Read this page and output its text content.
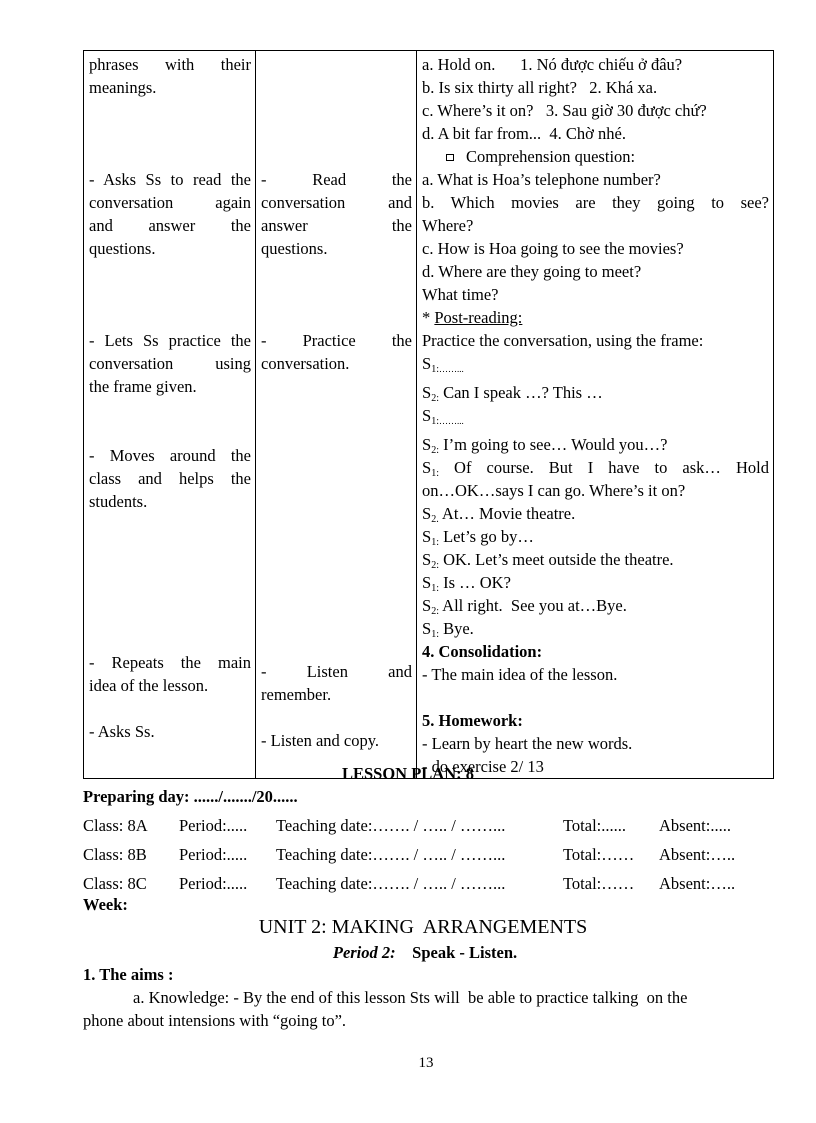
phrases with their
meanings.
- Asks Ss to read the
conversation again
and answer the
questions.
- Lets Ss practice the
conversation using
the frame given.
- Moves around the
class and helps the
students.
- Repeats the main
idea of the lesson.
- Asks Ss.

- Read the
conversation and
answer the
questions.
- Practice the
conversation.
- Listen and
remember.
- Listen and copy.

a. Hold on.      1. Nó được chiếu ở đâu?
b. Is six thirty all right?   2. Khá xa.
c. Where’s it on?   3. Sau giờ 30 được chứ?
d. A bit far from...  4. Chờ nhé.
Comprehension question:
a. What is Hoa’s telephone number?
b. Which movies are they going to see?
Where?
c. How is Hoa going to see the movies?
d. Where are they going to meet?
What time?
* Post-reading:
Practice the conversation, using the frame:
$S_{1:}\dots\dots$...
$S_{2:}$ Can I speak …? This …
$S_{1:}\dots\dots$...
$S_{2:}$ I’m going to see… Would you…?
$S_{1:}$ Of course. But I have to ask… Hold
on…OK…says I can go. Where’s it on?
$S_{2.}$ At… Movie theatre.
$S_{1:}$ Let’s go by…
$S_{2:}$ OK. Let’s meet outside the theatre.
$S_{1:}$ Is … OK?
$S_{2:}$ All right.  See you at…Bye.
$S_{1:}$ Bye.
4. Consolidation:
- The main idea of the lesson.
5. Homework:
- Learn by heart the new words.
- do exercise 2/ 13
LESSON PLAN: 8
Preparing day: ....../......./20......
Class: 8A Period:..... Teaching date:……. / ….. / ……...	Total:...... Absent:.....
Class: 8B Period:..... Teaching date:……. / ….. / ……...	Total:…… Absent:…..
Class: 8C Period:..... Teaching date:……. / ….. / ……...	Total:…… Absent:…..
Week:
UNIT 2: MAKING  ARRANGEMENTS
Period 2: Speak - Listen.
1. The aims :
a. Knowledge: - By the end of this lesson Sts will  be able to practice talking  on the
phone about intensions with “going to”.
13
